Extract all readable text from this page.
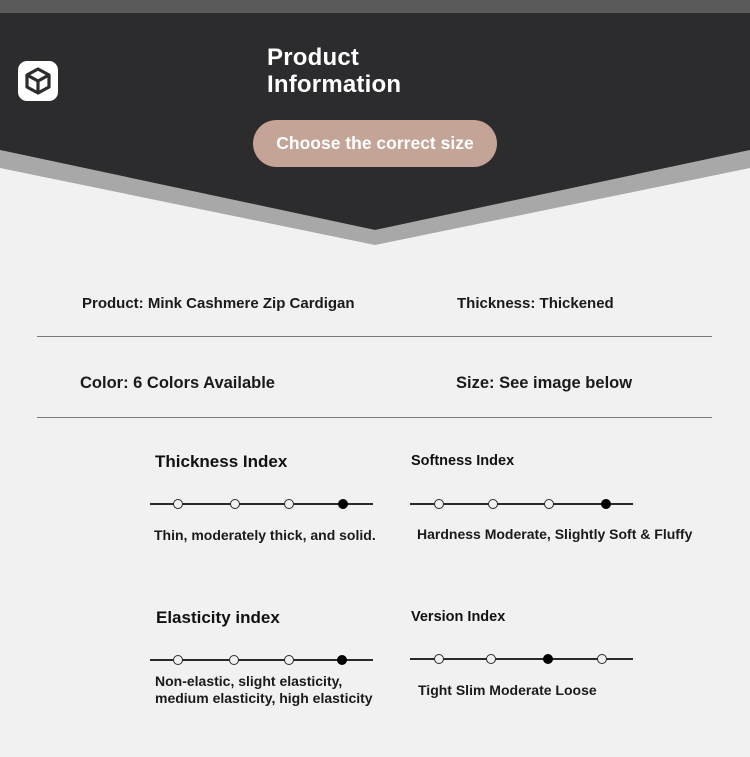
Product
Information
Choose the correct size
Product: Mink Cashmere Zip Cardigan	Thickness: Thickened
Color: 6 Colors Available	Size: See image below
Thickness Index
Thin, moderately thick, and solid.
Softness Index
Hardness Moderate, Slightly Soft & Fluffy
Elasticity index
Non-elastic, slight elasticity,
medium elasticity, high elasticity
Version Index
Tight Slim Moderate Loose
